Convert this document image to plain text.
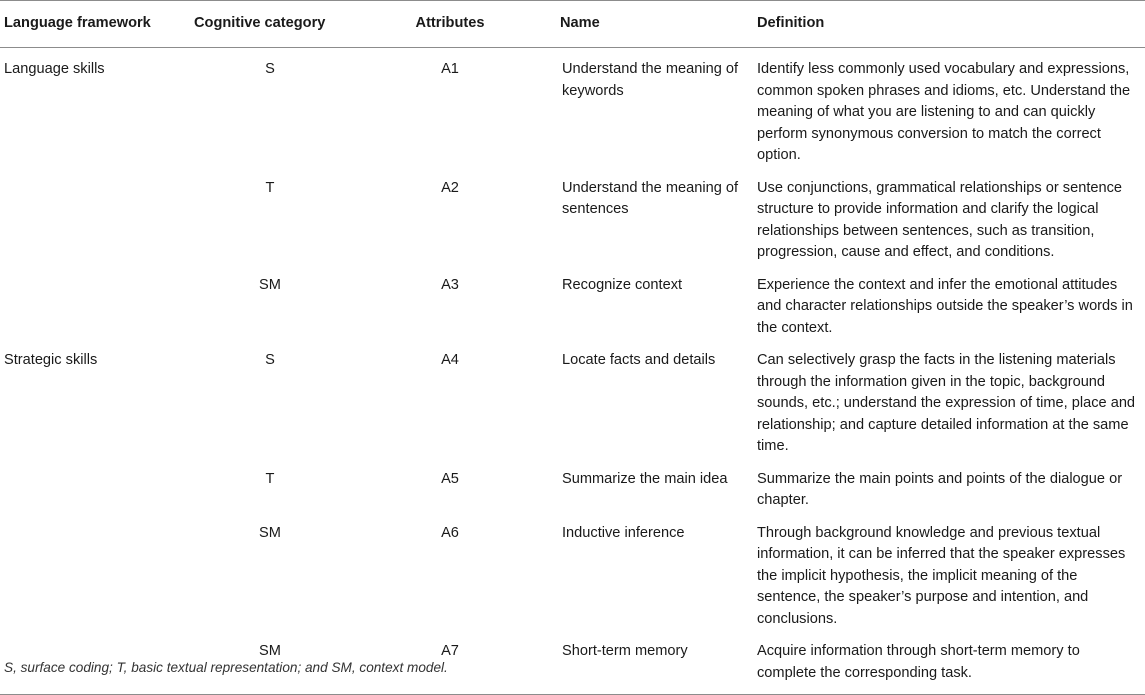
Language framework	Cognitive category	Attributes	Name	Definition
Language skills	S	A1	Understand the meaning of keywords	Identify less commonly used vocabulary and expressions, common spoken phrases and idioms, etc. Understand the meaning of what you are listening to and can quickly perform synonymous conversion to match the correct option.
	T	A2	Understand the meaning of sentences	Use conjunctions, grammatical relationships or sentence structure to provide information and clarify the logical relationships between sentences, such as transition, progression, cause and effect, and conditions.
	SM	A3	Recognize context	Experience the context and infer the emotional attitudes and character relationships outside the speaker’s words in the context.
Strategic skills	S	A4	Locate facts and details	Can selectively grasp the facts in the listening materials through the information given in the topic, background sounds, etc.; understand the expression of time, place and relationship; and capture detailed information at the same time.
	T	A5	Summarize the main idea	Summarize the main points and points of the dialogue or chapter.
	SM	A6	Inductive inference	Through background knowledge and previous textual information, it can be inferred that the speaker expresses the implicit hypothesis, the implicit meaning of the sentence, the speaker’s purpose and intention, and conclusions.
	SM	A7	Short-term memory	Acquire information through short-term memory to complete the corresponding task.
S, surface coding; T, basic textual representation; and SM, context model.
